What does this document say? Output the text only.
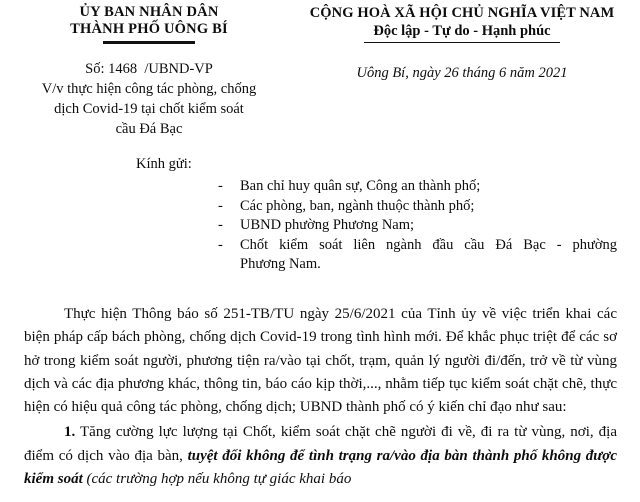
ỦY BAN NHÂN DÂN
THÀNH PHỐ UÔNG BÍ
Số: 1468  /UBND-VP
V/v thực hiện công tác phòng, chống
dịch Covid-19 tại chốt kiểm soát
cầu Đá Bạc
CỘNG HOÀ XÃ HỘI CHỦ NGHĨA VIỆT NAM
Độc lập - Tự do - Hạnh phúc
Uông Bí, ngày 26 tháng 6 năm 2021
Kính gửi:
-	Ban chỉ huy quân sự, Công an thành phố;
-	Các phòng, ban, ngành thuộc thành phố;
-	UBND phường Phương Nam;
-	Chốt kiểm soát liên ngành đầu cầu Đá Bạc - phường
Phương Nam.

Thực hiện Thông báo số 251-TB/TU ngày 25/6/2021 của Tỉnh ủy về việc triển khai các biện pháp cấp bách phòng, chống dịch Covid-19 trong tình hình mới. Để khắc phục triệt để các sơ hở trong kiểm soát người, phương tiện ra/vào tại chốt, trạm, quản lý người đi/đến, trở về từ vùng dịch và các địa phương khác, thông tin, báo cáo kịp thời,..., nhằm tiếp tục kiểm soát chặt chẽ, thực hiện có hiệu quả công tác phòng, chống dịch; UBND thành phố có ý kiến chỉ đạo như sau:

1. Tăng cường lực lượng tại Chốt, kiểm soát chặt chẽ người đi về, đi ra từ vùng, nơi, địa điểm có dịch vào địa bàn, tuyệt đối không để tình trạng ra/vào địa bàn thành phố không được kiểm soát (các trường hợp nếu không tự giác khai báo
